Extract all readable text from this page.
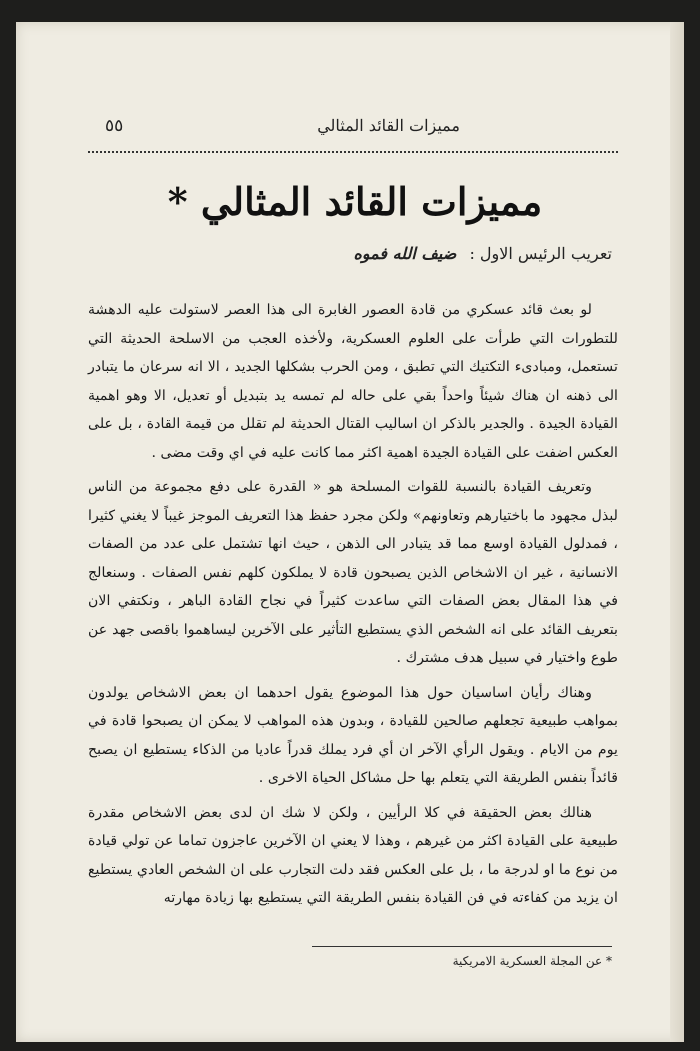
مميزات القائد المثالي
٥٥
مميزات القائد المثالي *
تعريب الرئيس الاول : ضيف الله فموه

لو بعث قائد عسكري من قادة العصور الغابرة الى هذا العصر لاستولت عليه الدهشة للتطورات التي طرأت على العلوم العسكرية، ولأخذه العجب من الاسلحة الحديثة التي تستعمل، ومبادىء التكتيك التي تطبق ، ومن الحرب بشكلها الجديد ، الا انه سرعان ما يتبادر الى ذهنه ان هناك شيئاً واحداً بقي على حاله لم تمسه يد بتبديل أو تعديل، الا وهو اهمية القيادة الجيدة . والجدير بالذكر ان اساليب القتال الحديثة لم تقلل من قيمة القادة ، بل على العكس اضفت على القيادة الجيدة اهمية اكثر مما كانت عليه في اي وقت مضى .

وتعريف القيادة بالنسبة للقوات المسلحة هو « القدرة على دفع مجموعة من الناس لبذل مجهود ما باختيارهم وتعاونهم» ولكن مجرد حفظ هذا التعريف الموجز غيباً لا يغني كثيرا ، فمدلول القيادة اوسع مما قد يتبادر الى الذهن ، حيث انها تشتمل على عدد من الصفات الانسانية ، غير ان الاشخاص الذين يصبحون قادة لا يملكون كلهم نفس الصفات . وسنعالج في هذا المقال بعض الصفات التي ساعدت كثيراً في نجاح القادة الباهر ، ونكتفي الان بتعريف القائد على انه الشخص الذي يستطيع التأثير على الآخرين ليساهموا باقصى جهد عن طوع واختيار في سبيل هدف مشترك .

وهناك رأيان اساسيان حول هذا الموضوع يقول احدهما ان بعض الاشخاص يولدون بمواهب طبيعية تجعلهم صالحين للقيادة ، وبدون هذه المواهب لا يمكن ان يصبحوا قادة في يوم من الايام . ويقول الرأي الآخر ان أي فرد يملك قدراً عاديا من الذكاء يستطيع ان يصبح قائداً بنفس الطريقة التي يتعلم بها حل مشاكل الحياة الاخرى .

هنالك بعض الحقيقة في كلا الرأيين ، ولكن لا شك ان لدى بعض الاشخاص مقدرة طبيعية على القيادة اكثر من غيرهم ، وهذا لا يعني ان الآخرين عاجزون تماما عن تولي قيادة من نوع ما او لدرجة ما ، بل على العكس فقد دلت التجارب على ان الشخص العادي يستطيع ان يزيد من كفاءته في فن القيادة بنفس الطريقة التي يستطيع بها زيادة مهارته

* عن المجلة العسكرية الامريكية
